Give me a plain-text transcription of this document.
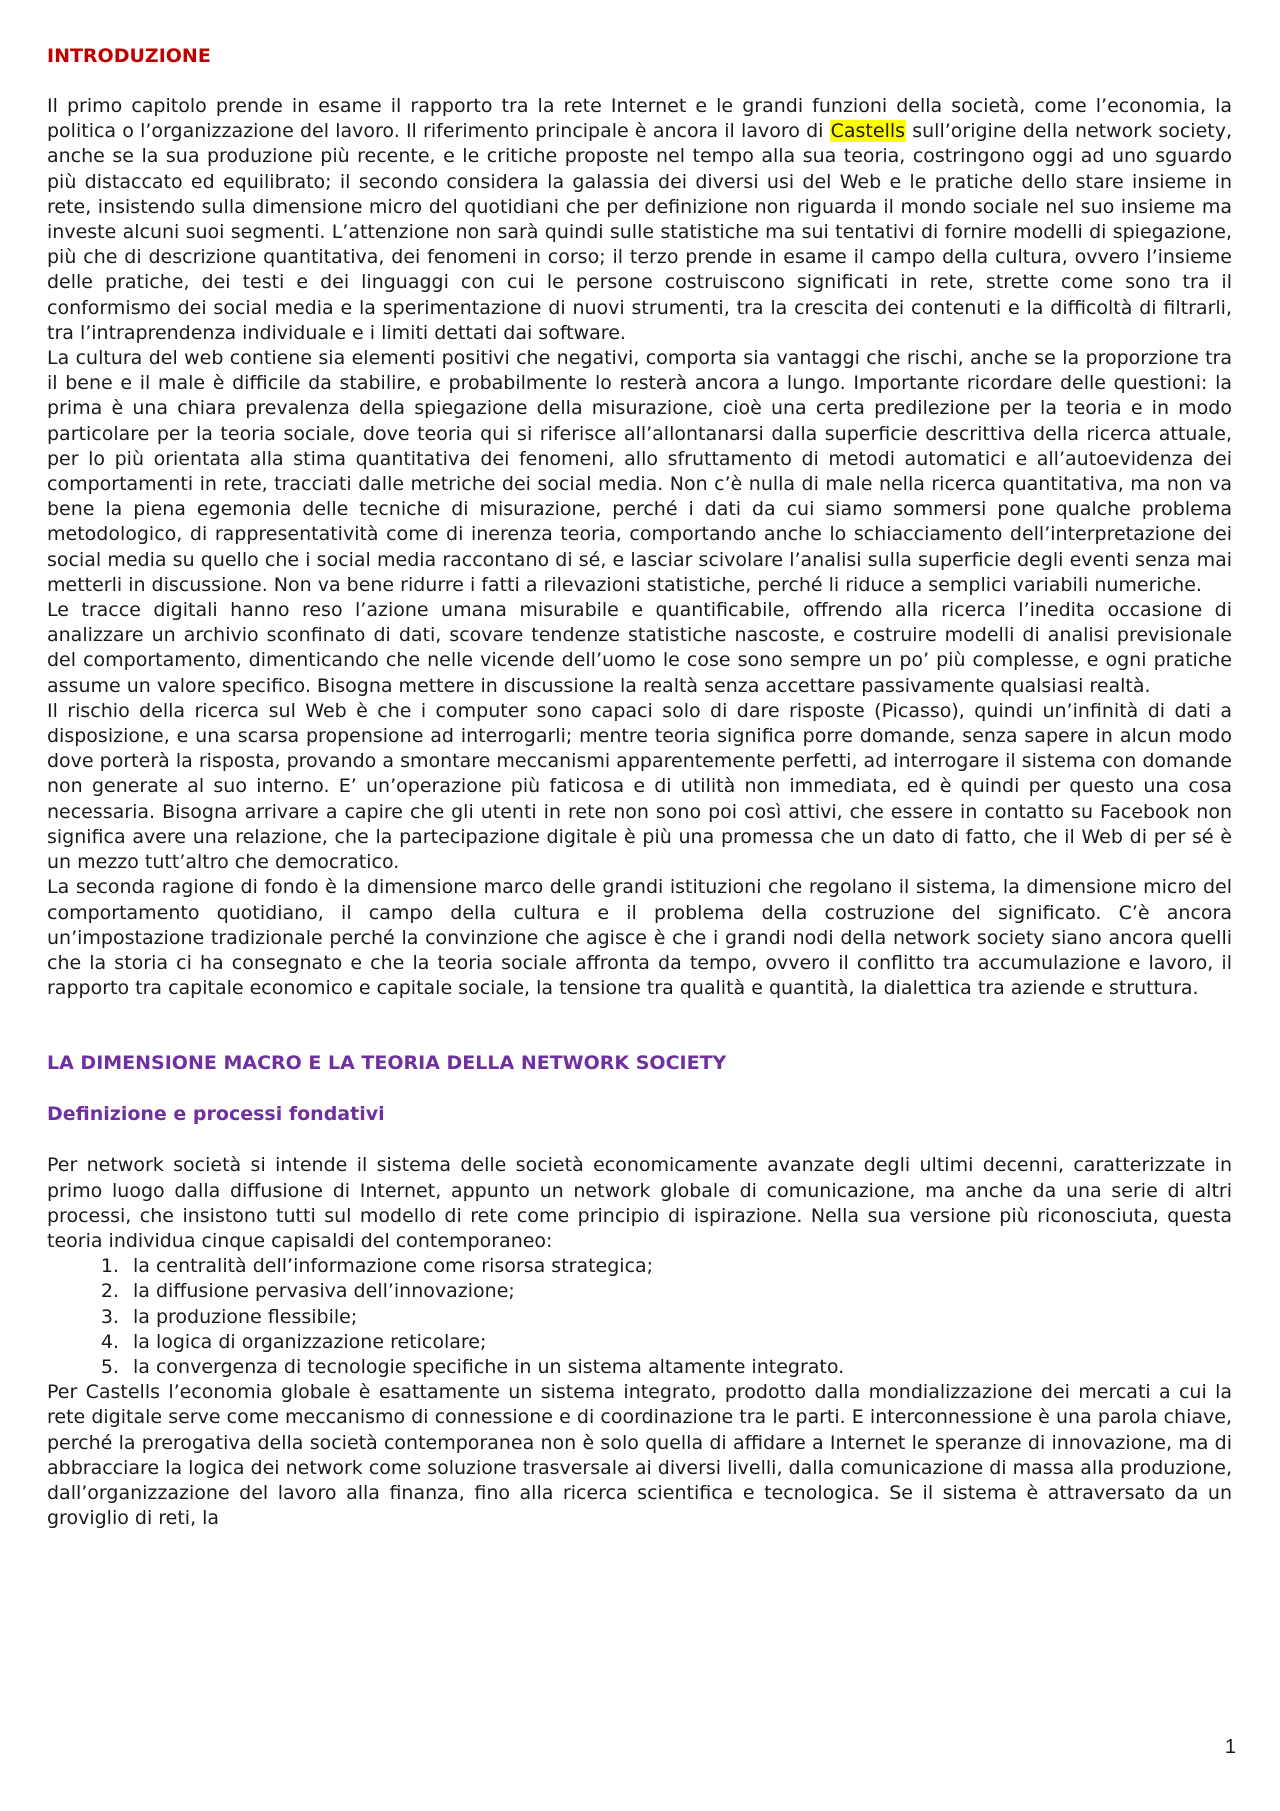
INTRODUZIONE

Il primo capitolo prende in esame il rapporto tra la rete Internet e le grandi funzioni della società, come l’economia, la politica o l’organizzazione del lavoro. Il riferimento principale è ancora il lavoro di Castells sull’origine della network society, anche se la sua produzione più recente, e le critiche proposte nel tempo alla sua teoria, costringono oggi ad uno sguardo più distaccato ed equilibrato; il secondo considera la galassia dei diversi usi del Web e le pratiche dello stare insieme in rete, insistendo sulla dimensione micro del quotidiani che per definizione non riguarda il mondo sociale nel suo insieme ma investe alcuni suoi segmenti. L’attenzione non sarà quindi sulle statistiche ma sui tentativi di fornire modelli di spiegazione, più che di descrizione quantitativa, dei fenomeni in corso; il terzo prende in esame il campo della cultura, ovvero l’insieme delle pratiche, dei testi e dei linguaggi con cui le persone costruiscono significati in rete, strette come sono tra il conformismo dei social media e la sperimentazione di nuovi strumenti, tra la crescita dei contenuti e la difficoltà di filtrarli, tra l’intraprendenza individuale e i limiti dettati dai software.

La cultura del web contiene sia elementi positivi che negativi, comporta sia vantaggi che rischi, anche se la proporzione tra il bene e il male è difficile da stabilire, e probabilmente lo resterà ancora a lungo. Importante ricordare delle questioni: la prima è una chiara prevalenza della spiegazione della misurazione, cioè una certa predilezione per la teoria e in modo particolare per la teoria sociale, dove teoria qui si riferisce all’allontanarsi dalla superficie descrittiva della ricerca attuale, per lo più orientata alla stima quantitativa dei fenomeni, allo sfruttamento di metodi automatici e all’autoevidenza dei comportamenti in rete, tracciati dalle metriche dei social media. Non c’è nulla di male nella ricerca quantitativa, ma non va bene la piena egemonia delle tecniche di misurazione, perché i dati da cui siamo sommersi pone qualche problema metodologico, di rappresentatività come di inerenza teoria, comportando anche lo schiacciamento dell’interpretazione dei social media su quello che i social media raccontano di sé, e lasciar scivolare l’analisi sulla superficie degli eventi senza mai metterli in discussione. Non va bene ridurre i fatti a rilevazioni statistiche, perché li riduce a semplici variabili numeriche.

Le tracce digitali hanno reso l’azione umana misurabile e quantificabile, offrendo alla ricerca l’inedita occasione di analizzare un archivio sconfinato di dati, scovare tendenze statistiche nascoste, e costruire modelli di analisi previsionale del comportamento, dimenticando che nelle vicende dell’uomo le cose sono sempre un po’ più complesse, e ogni pratiche assume un valore specifico. Bisogna mettere in discussione la realtà senza accettare passivamente qualsiasi realtà.

Il rischio della ricerca sul Web è che i computer sono capaci solo di dare risposte (Picasso), quindi un’infinità di dati a disposizione, e una scarsa propensione ad interrogarli; mentre teoria significa porre domande, senza sapere in alcun modo dove porterà la risposta, provando a smontare meccanismi apparentemente perfetti, ad interrogare il sistema con domande non generate al suo interno. E’ un’operazione più faticosa e di utilità non immediata, ed è quindi per questo una cosa necessaria. Bisogna arrivare a capire che gli utenti in rete non sono poi così attivi, che essere in contatto su Facebook non significa avere una relazione, che la partecipazione digitale è più una promessa che un dato di fatto, che il Web di per sé è un mezzo tutt’altro che democratico.

La seconda ragione di fondo è la dimensione marco delle grandi istituzioni che regolano il sistema, la dimensione micro del comportamento quotidiano, il campo della cultura e il problema della costruzione del significato. C’è ancora un’impostazione tradizionale perché la convinzione che agisce è che i grandi nodi della network society siano ancora quelli che la storia ci ha consegnato e che la teoria sociale affronta da tempo, ovvero il conflitto tra accumulazione e lavoro, il rapporto tra capitale economico e capitale sociale, la tensione tra qualità e quantità, la dialettica tra aziende e struttura.

LA DIMENSIONE MACRO E LA TEORIA DELLA NETWORK SOCIETY
Definizione e processi fondativi

Per network società si intende il sistema delle società economicamente avanzate degli ultimi decenni, caratterizzate in primo luogo dalla diffusione di Internet, appunto un network globale di comunicazione, ma anche da una serie di altri processi, che insistono tutti sul modello di rete come principio di ispirazione. Nella sua versione più riconosciuta, questa teoria individua cinque capisaldi del contemporaneo:

1. la centralità dell’informazione come risorsa strategica;
2. la diffusione pervasiva dell’innovazione;
3. la produzione flessibile;
4. la logica di organizzazione reticolare;
5. la convergenza di tecnologie specifiche in un sistema altamente integrato.

Per Castells l’economia globale è esattamente un sistema integrato, prodotto dalla mondializzazione dei mercati a cui la rete digitale serve come meccanismo di connessione e di coordinazione tra le parti. E interconnessione è una parola chiave, perché la prerogativa della società contemporanea non è solo quella di affidare a Internet le speranze di innovazione, ma di abbracciare la logica dei network come soluzione trasversale ai diversi livelli, dalla comunicazione di massa alla produzione, dall’organizzazione del lavoro alla finanza, fino alla ricerca scientifica e tecnologica. Se il sistema è attraversato da un groviglio di reti, la

1
